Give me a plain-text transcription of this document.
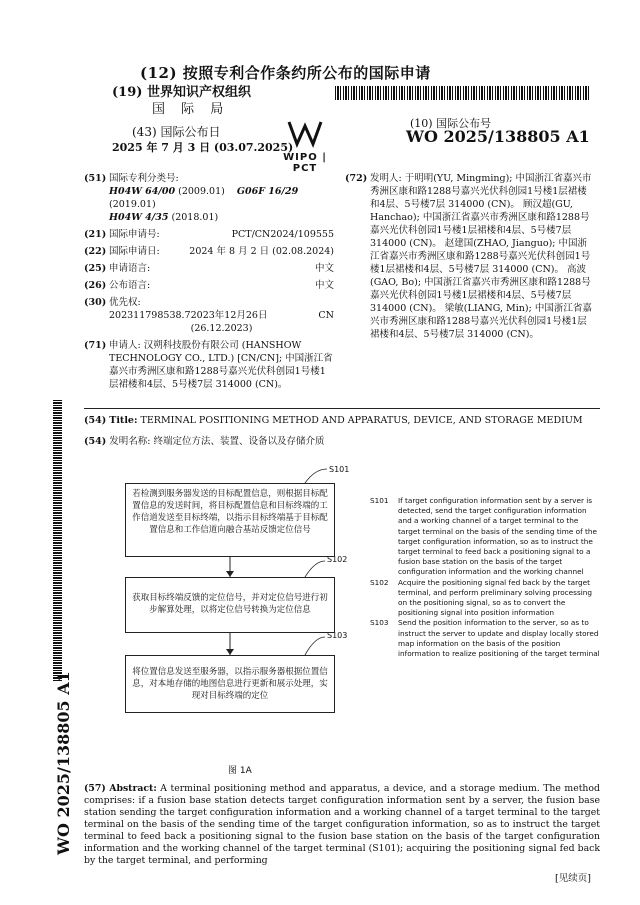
(12) 按照专利合作条约所公布的国际申请
(19) 世界知识产权组织
国 际 局
(43) 国际公布日
2025 年 7 月 3 日 (03.07.2025)
WIPO | PCT
(10) 国际公布号
WO 2025/138805 A1
(51) 国际专利分类号:
H04W 64/00 (2009.01) G06F 16/29 (2019.01)
H04W 4/35 (2018.01)
(21) 国际申请号:	PCT/CN2024/109555
(22) 国际申请日:	2024 年 8 月 2 日 (02.08.2024)
(25) 申请语言:	中文
(26) 公布语言:	中文
(30) 优先权:
202311798538.7 2023年12月26日 (26.12.2023)
CN
(71) 申请人: 汉朔科技股份有限公司 (HANSHOW TECHNOLOGY CO., LTD.) [CN/CN]; 中国浙江省嘉兴市秀洲区康和路1288号嘉兴光伏科创园1号楼1层裙楼和4层、5号楼7层 314000 (CN)。
(72) 发明人: 于明明(YU, Mingming); 中国浙江省嘉兴市秀洲区康和路1288号嘉兴光伏科创园1号楼1层裙楼和4层、5号楼7层 314000 (CN)。 顾汉超(GU, Hanchao); 中国浙江省嘉兴市秀洲区康和路1288号嘉兴光伏科创园1号楼1层裙楼和4层、5号楼7层 314000 (CN)。 赵建国(ZHAO, Jianguo); 中国浙江省嘉兴市秀洲区康和路1288号嘉兴光伏科创园1号楼1层裙楼和4层、5号楼7层 314000 (CN)。 高波(GAO, Bo); 中国浙江省嘉兴市秀洲区康和路1288号嘉兴光伏科创园1号楼1层裙楼和4层、5号楼7层 314000 (CN)。 梁敏(LIANG, Min); 中国浙江省嘉兴市秀洲区康和路1288号嘉兴光伏科创园1号楼1层裙楼和4层、5号楼7层 314000 (CN)。
WO 2025/138805 A1
(54) Title: TERMINAL POSITIONING METHOD AND APPARATUS, DEVICE, AND STORAGE MEDIUM
(54) 发明名称: 终端定位方法、装置、设备以及存储介质
S101
S102
S103
若检测到服务器发送的目标配置信息，则根据目标配置信息的发送时间，将目标配置信息和目标终端的工作信道发送至目标终端，以指示目标终端基于目标配置信息和工作信道向融合基站反馈定位信号
获取目标终端反馈的定位信号，并对定位信号进行初步解算处理，以将定位信号转换为定位信息
将位置信息发送至服务器，以指示服务器根据位置信息，对本地存储的地图信息进行更新和展示处理，实现对目标终端的定位
图 1A
S101 If target configuration information sent by a server is detected, send the target configuration information and a working channel of a target terminal to the target terminal on the basis of the sending time of the target configuration information, so as to instruct the target terminal to feed back a positioning signal to a fusion base station on the basis of the target configuration information and the working channel
S102 Acquire the positioning signal fed back by the target terminal, and perform preliminary solving processing on the positioning signal, so as to convert the positioning signal into position information
S103 Send the position information to the server, so as to instruct the server to update and display locally stored map information on the basis of the position information to realize positioning of the target terminal
(57) Abstract: A terminal positioning method and apparatus, a device, and a storage medium. The method comprises: if a fusion base station detects target configuration information sent by a server, the fusion base station sending the target configuration information and a working channel of a target terminal to the target terminal on the basis of the sending time of the target configuration information, so as to instruct the target terminal to feed back a positioning signal to the fusion base station on the basis of the target configuration information and the working channel of the target terminal (S101); acquiring the positioning signal fed back by the target terminal, and performing
[见续页]
